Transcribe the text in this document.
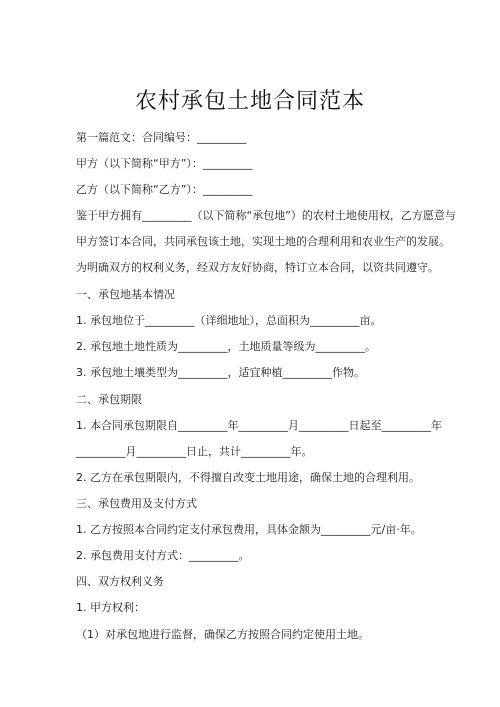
农村承包土地合同范本
第一篇范文：合同编号：_________
甲方（以下简称“甲方”）：_________
乙方（以下简称“乙方”）：_________
鉴于甲方拥有_________（以下简称“承包地”）的农村土地使用权，乙方愿意与
甲方签订本合同，共同承包该土地，实现土地的合理利用和农业生产的发展。
为明确双方的权利义务，经双方友好协商，特订立本合同，以资共同遵守。
一、承包地基本情况
1. 承包地位于_________（详细地址），总面积为_________亩。
2. 承包地土地性质为_________，土地质量等级为_________。
3. 承包地土壤类型为_________，适宜种植_________作物。
二、承包期限
1. 本合同承包期限自_________年_________月_________日起至_________年
_________月_________日止，共计_________年。
2. 乙方在承包期限内，不得擅自改变土地用途，确保土地的合理利用。
三、承包费用及支付方式
1. 乙方按照本合同约定支付承包费用，具体金额为_________元/亩·年。
2. 承包费用支付方式：_________。
四、双方权利义务
1. 甲方权利：
（1）对承包地进行监督，确保乙方按照合同约定使用土地。
